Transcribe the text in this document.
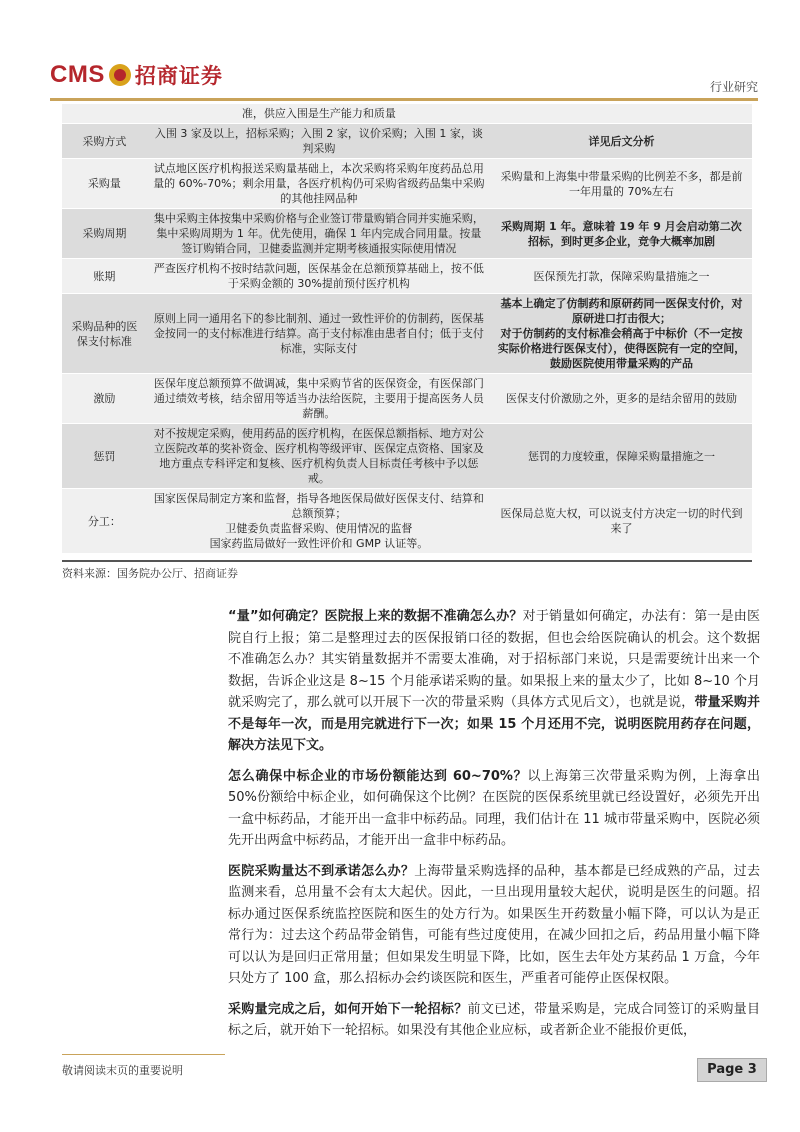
CMS 招商证券	行业研究
	准，供应入围是生产能力和质量	
采购方式	入围 3 家及以上，招标采购；入围 2 家，议价采购；入围 1 家，谈判采购	详见后文分析
采购量	试点地区医疗机构报送采购量基础上，本次采购将采购年度药品总用量的 60%-70%；剩余用量，各医疗机构仍可采购省级药品集中采购的其他挂网品种	采购量和上海集中带量采购的比例差不多，都是前一年用量的 70%左右
采购周期	集中采购主体按集中采购价格与企业签订带量购销合同并实施采购，集中采购周期为 1 年。优先使用，确保 1 年内完成合同用量。按量签订购销合同，卫健委监测并定期考核通报实际使用情况	采购周期 1 年。意味着 19 年 9 月会启动第二次招标，到时更多企业，竞争大概率加剧
账期	严查医疗机构不按时结款问题，医保基金在总额预算基础上，按不低于采购金额的 30%提前预付医疗机构	医保预先打款，保障采购量措施之一
采购品种的医保支付标准	原则上同一通用名下的参比制剂、通过一致性评价的仿制药，医保基金按同一的支付标准进行结算。高于支付标准由患者自付；低于支付标准，实际支付	基本上确定了仿制药和原研药同一医保支付价，对原研进口打击很大；
对于仿制药的支付标准会稍高于中标价（不一定按实际价格进行医保支付），使得医院有一定的空间，鼓励医院使用带量采购的产品

激励	医保年度总额预算不做调减，集中采购节省的医保资金，有医保部门通过绩效考核，结余留用等适当办法给医院，主要用于提高医务人员薪酬。	医保支付价激励之外，更多的是结余留用的鼓励
惩罚	对不按规定采购，使用药品的医疗机构，在医保总额指标、地方对公立医院改革的奖补资金、医疗机构等级评审、医保定点资格、国家及地方重点专科评定和复核、医疗机构负责人目标责任考核中予以惩戒。	惩罚的力度较重，保障采购量措施之一
分工：	国家医保局制定方案和监督，指导各地医保局做好医保支付、结算和总额预算；
卫健委负责监督采购、使用情况的监督
国家药监局做好一致性评价和 GMP 认证等。	医保局总览大权，可以说支付方决定一切的时代到来了
资料来源：国务院办公厅、招商证券

“量”如何确定？医院报上来的数据不准确怎么办？对于销量如何确定，办法有：第一是由医院自行上报；第二是整理过去的医保报销口径的数据，但也会给医院确认的机会。这个数据不准确怎么办？其实销量数据并不需要太准确，对于招标部门来说，只是需要统计出来一个数据，告诉企业这是 8~15 个月能承诺采购的量。如果报上来的量太少了，比如 8~10 个月就采购完了，那么就可以开展下一次的带量采购（具体方式见后文），也就是说，带量采购并不是每年一次，而是用完就进行下一次；如果 15 个月还用不完，说明医院用药存在问题，解决方法见下文。

怎么确保中标企业的市场份额能达到 60~70%？以上海第三次带量采购为例，上海拿出 50%份额给中标企业，如何确保这个比例？在医院的医保系统里就已经设置好，必须先开出一盒中标药品，才能开出一盒非中标药品。同理，我们估计在 11 城市带量采购中，医院必须先开出两盒中标药品，才能开出一盒非中标药品。

医院采购量达不到承诺怎么办？上海带量采购选择的品种，基本都是已经成熟的产品，过去监测来看，总用量不会有太大起伏。因此，一旦出现用量较大起伏，说明是医生的问题。招标办通过医保系统监控医院和医生的处方行为。如果医生开药数量小幅下降，可以认为是正常行为：过去这个药品带金销售，可能有些过度使用，在减少回扣之后，药品用量小幅下降可以认为是回归正常用量；但如果发生明显下降，比如，医生去年处方某药品 1 万盒，今年只处方了 100 盒，那么招标办会约谈医院和医生，严重者可能停止医保权限。

采购量完成之后，如何开始下一轮招标？前文已述，带量采购是，完成合同签订的采购量目标之后，就开始下一轮招标。如果没有其他企业应标，或者新企业不能报价更低，

敬请阅读末页的重要说明	Page 3
